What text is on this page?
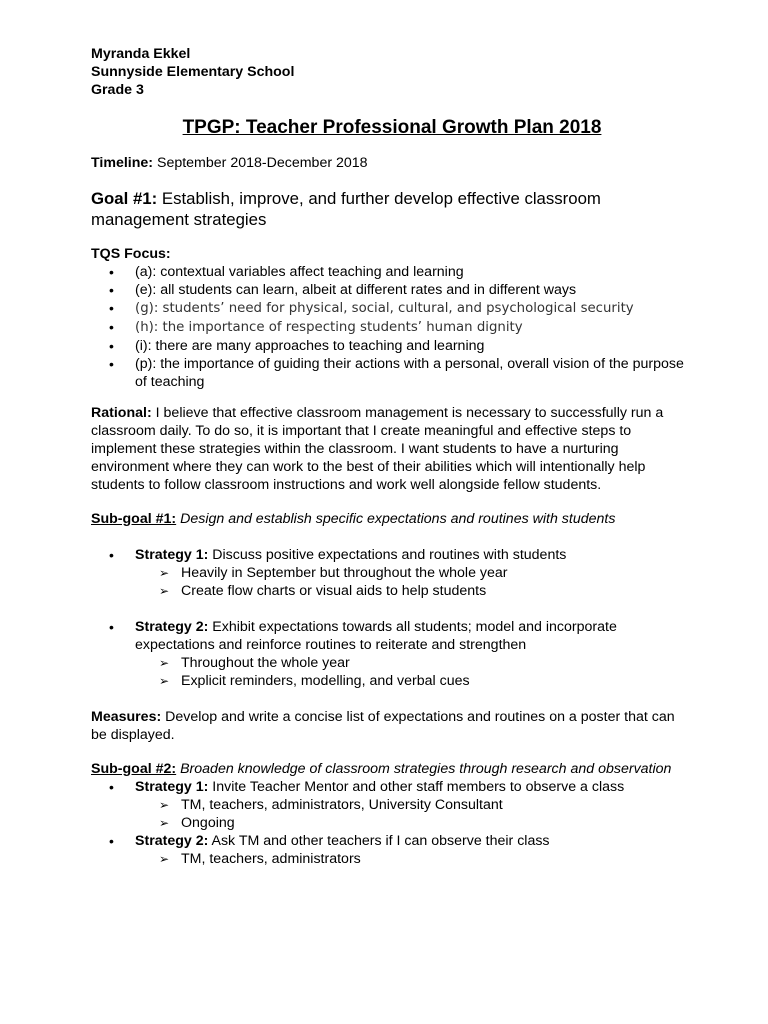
Myranda Ekkel

Sunnyside Elementary School

Grade 3

TPGP: Teacher Professional Growth Plan 2018
Timeline: September 2018-December 2018
Goal #1: Establish, improve, and further develop effective classroom management strategies
TQS Focus:
• (a): contextual variables affect teaching and learning
• (e): all students can learn, albeit at different rates and in different ways
• (g): students’ need for physical, social, cultural, and psychological security
• (h): the importance of respecting students’ human dignity
• (i): there are many approaches to teaching and learning
• (p): the importance of guiding their actions with a personal, overall vision of the purpose of teaching
Rational: I believe that effective classroom management is necessary to successfully run a classroom daily. To do so, it is important that I create meaningful and effective steps to implement these strategies within the classroom. I want students to have a nurturing environment where they can work to the best of their abilities which will intentionally help students to follow classroom instructions and work well alongside fellow students.
Sub-goal #1: Design and establish specific expectations and routines with students
• Strategy 1: Discuss positive expectations and routines with students
➢ Heavily in September but throughout the whole year
➢ Create flow charts or visual aids to help students
• Strategy 2: Exhibit expectations towards all students; model and incorporate expectations and reinforce routines to reiterate and strengthen
➢ Throughout the whole year
➢ Explicit reminders, modelling, and verbal cues
Measures: Develop and write a concise list of expectations and routines on a poster that can be displayed.
Sub-goal #2: Broaden knowledge of classroom strategies through research and observation
• Strategy 1: Invite Teacher Mentor and other staff members to observe a class
➢ TM, teachers, administrators, University Consultant
➢ Ongoing
• Strategy 2: Ask TM and other teachers if I can observe their class
➢ TM, teachers, administrators
